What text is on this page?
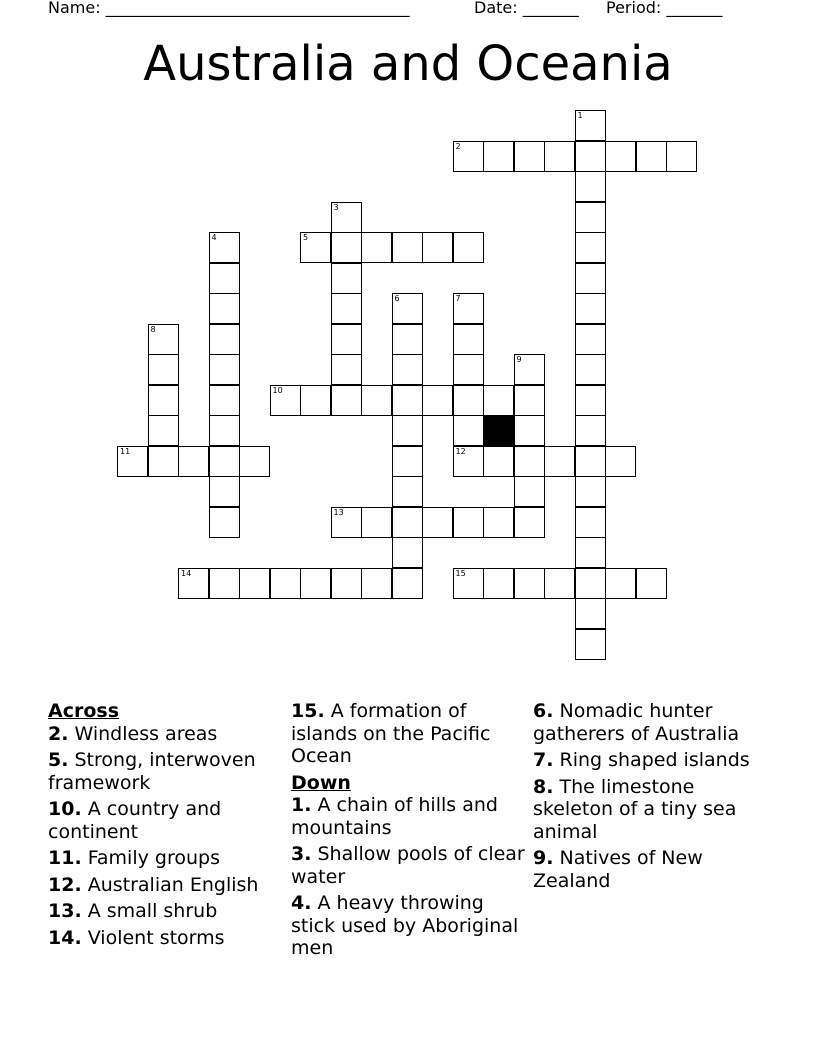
Name: ______________________________________	Date: _______ Period: _______
Australia and Oceania
1
2
3
4	5
6	7
8
9
10
11	12
13
14	15
Across
2. Windless areas
5. Strong, interwoven framework
10. A country and continent
11. Family groups
12. Australian English
13. A small shrub
14. Violent storms
15. A formation of islands on the Pacific Ocean
Down
1. A chain of hills and mountains
3. Shallow pools of clear water
4. A heavy throwing stick used by Aboriginal men
6. Nomadic hunter gatherers of Australia
7. Ring shaped islands
8. The limestone skeleton of a tiny sea animal
9. Natives of New Zealand
